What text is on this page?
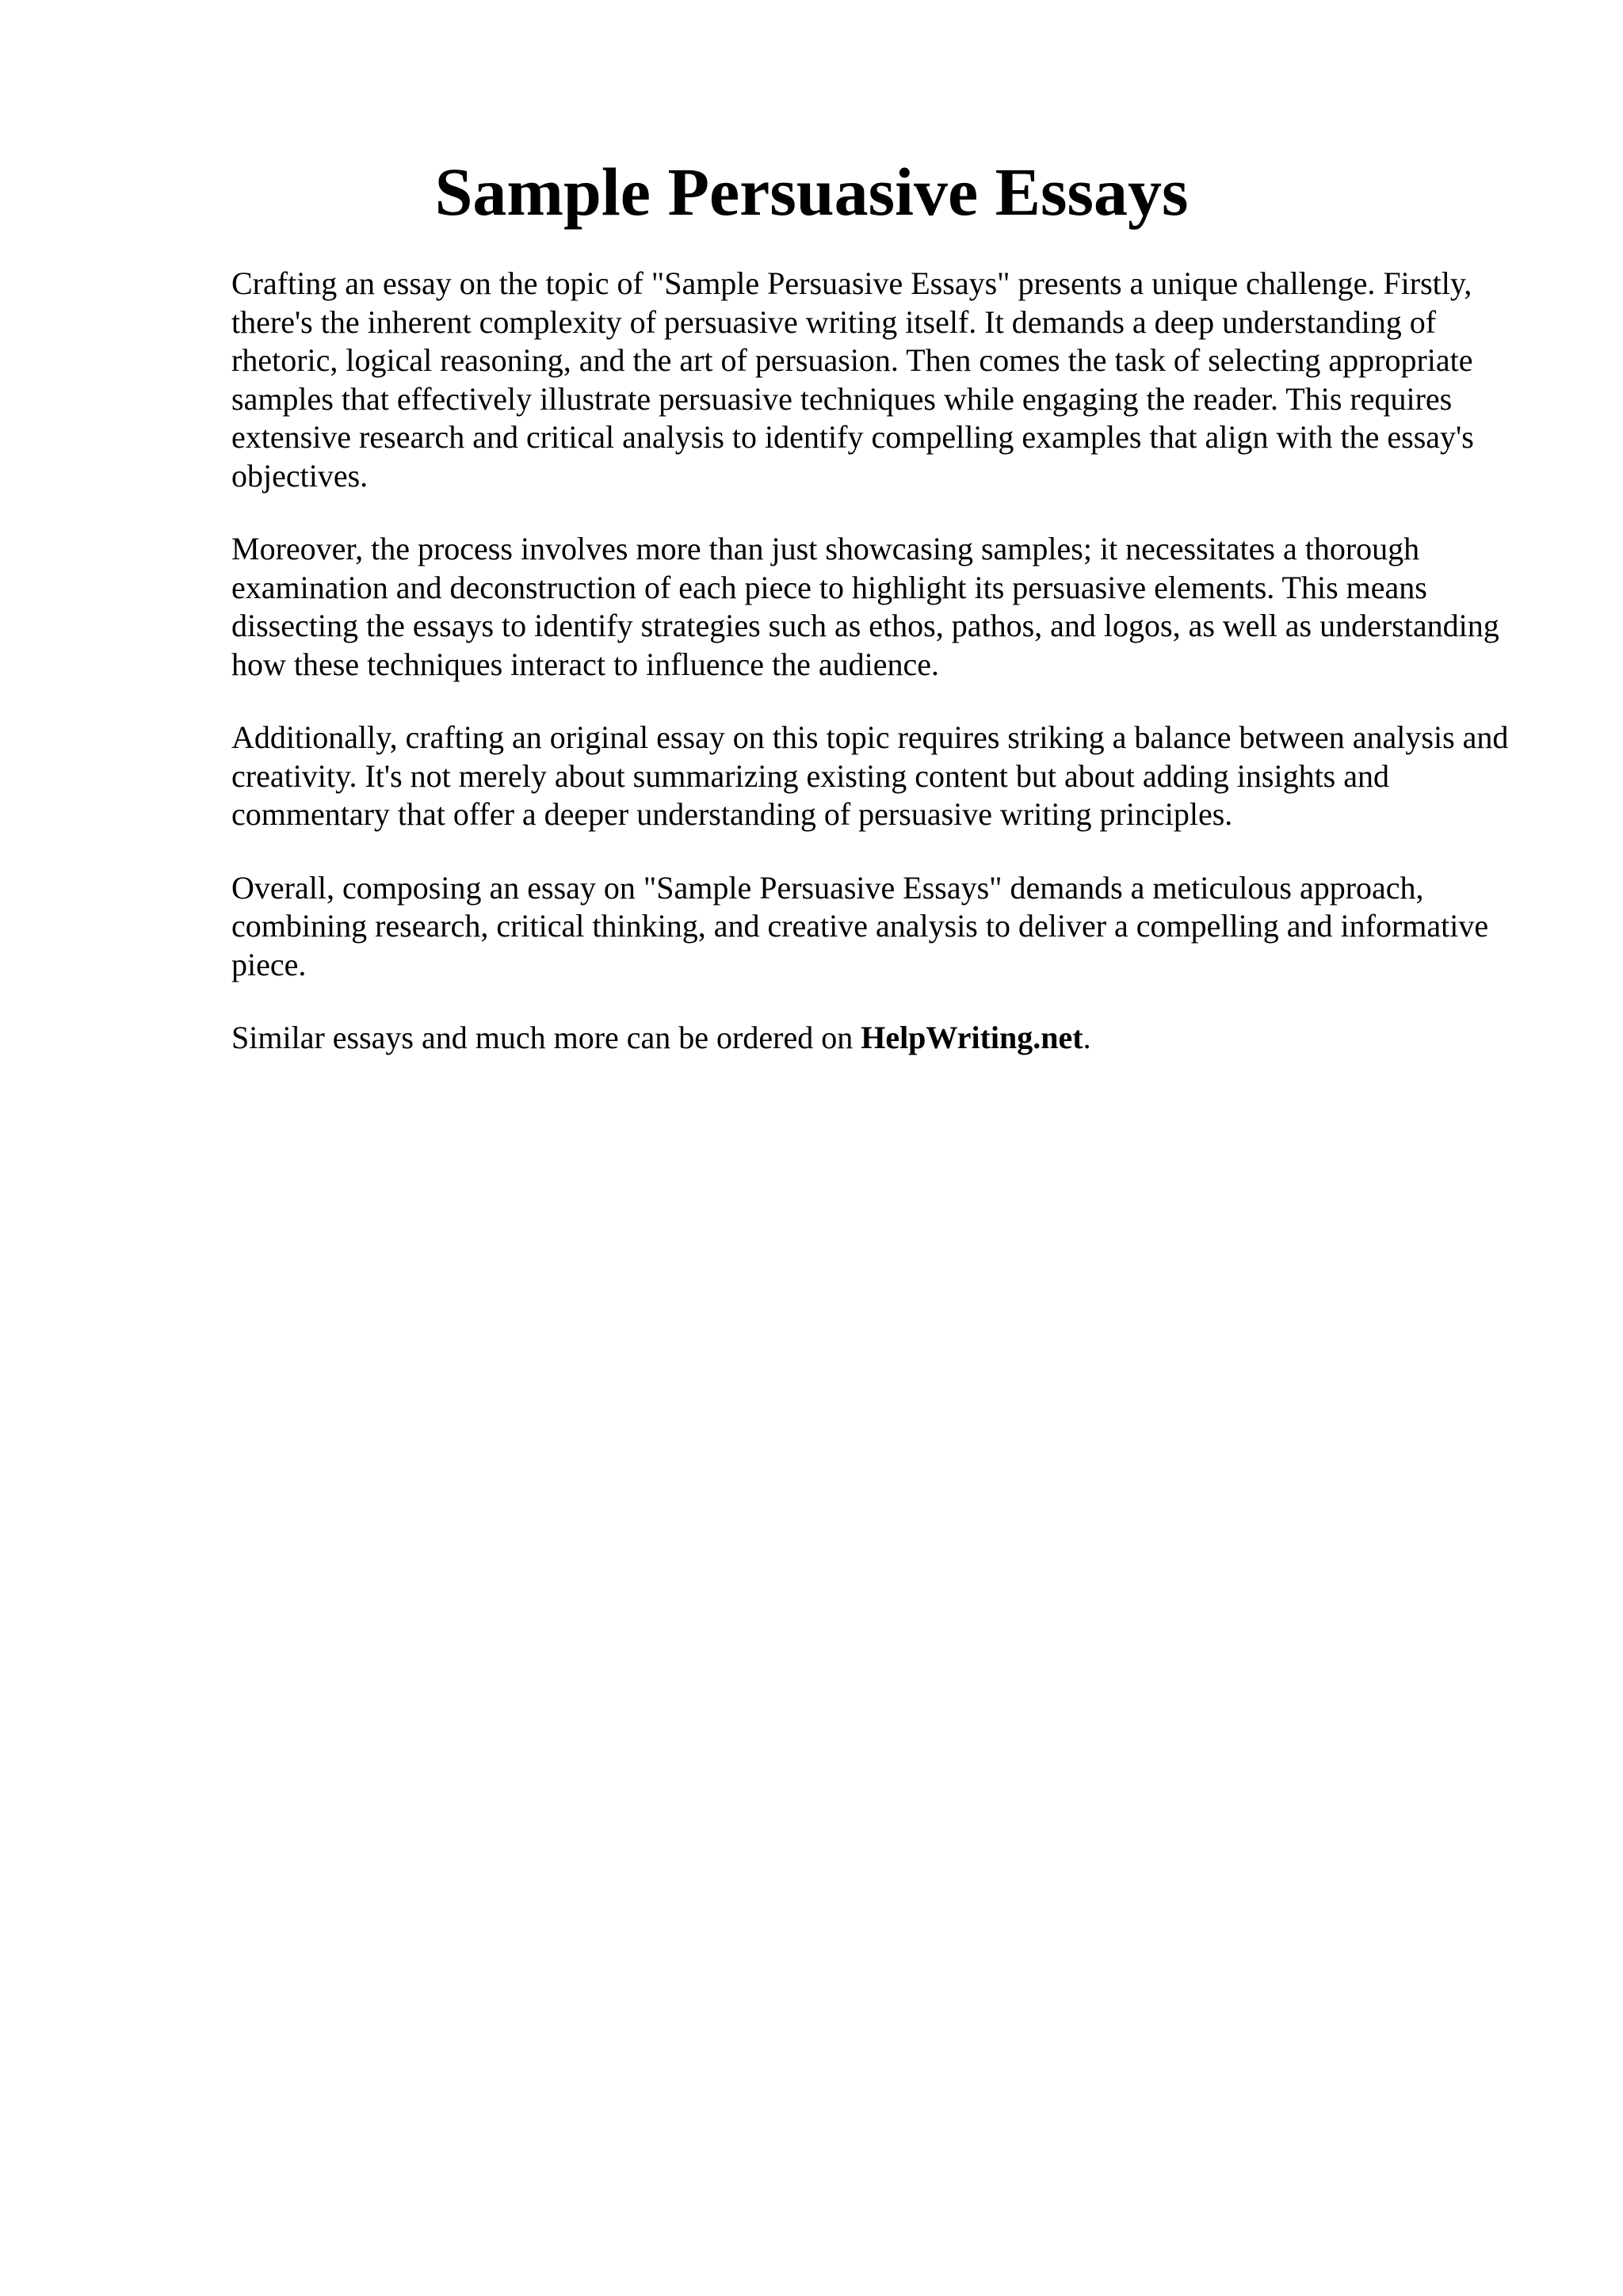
Sample Persuasive Essays

Crafting an essay on the topic of "Sample Persuasive Essays" presents a unique challenge. Firstly, there's the inherent complexity of persuasive writing itself. It demands a deep understanding of rhetoric, logical reasoning, and the art of persuasion. Then comes the task of selecting appropriate samples that effectively illustrate persuasive techniques while engaging the reader. This requires extensive research and critical analysis to identify compelling examples that align with the essay's objectives.

Moreover, the process involves more than just showcasing samples; it necessitates a thorough examination and deconstruction of each piece to highlight its persuasive elements. This means dissecting the essays to identify strategies such as ethos, pathos, and logos, as well as understanding how these techniques interact to influence the audience.

Additionally, crafting an original essay on this topic requires striking a balance between analysis and creativity. It's not merely about summarizing existing content but about adding insights and commentary that offer a deeper understanding of persuasive writing principles.

Overall, composing an essay on "Sample Persuasive Essays" demands a meticulous approach, combining research, critical thinking, and creative analysis to deliver a compelling and informative piece.

Similar essays and much more can be ordered on HelpWriting.net.
